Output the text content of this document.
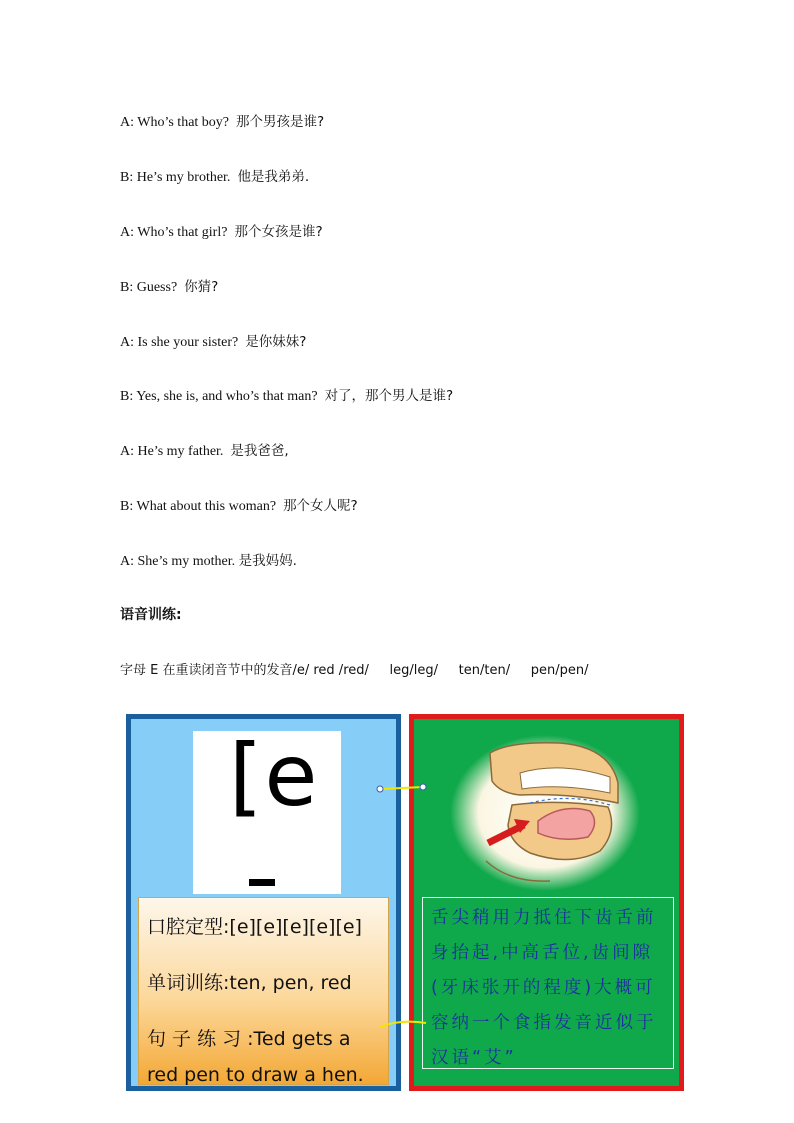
A: Who’s that boy? 那个男孩是谁?
B: He’s my brother. 他是我弟弟.
A: Who’s that girl? 那个女孩是谁?
B: Guess? 你猜?
A: Is she your sister? 是你妹妹?
B: Yes, she is, and who’s that man? 对了，那个男人是谁?
A: He’s my father. 是我爸爸,
B: What about this woman? 那个女人呢?
A: She’s my mother. 是我妈妈.
语音训练:
字母 E 在重读闭音节中的发音/e/ red /red/     leg/leg/     ten/ten/     pen/pen/
[e
口腔定型:[e][e][e][e][e]
单词训练:ten, pen, red
句 子 练 习 :Ted gets a
red pen to draw a hen.
舌尖稍用力抵住下齿舌前身抬起,中高舌位,齿间隙(牙床张开的程度)大概可容纳一个食指发音近似于汉语“艾”
